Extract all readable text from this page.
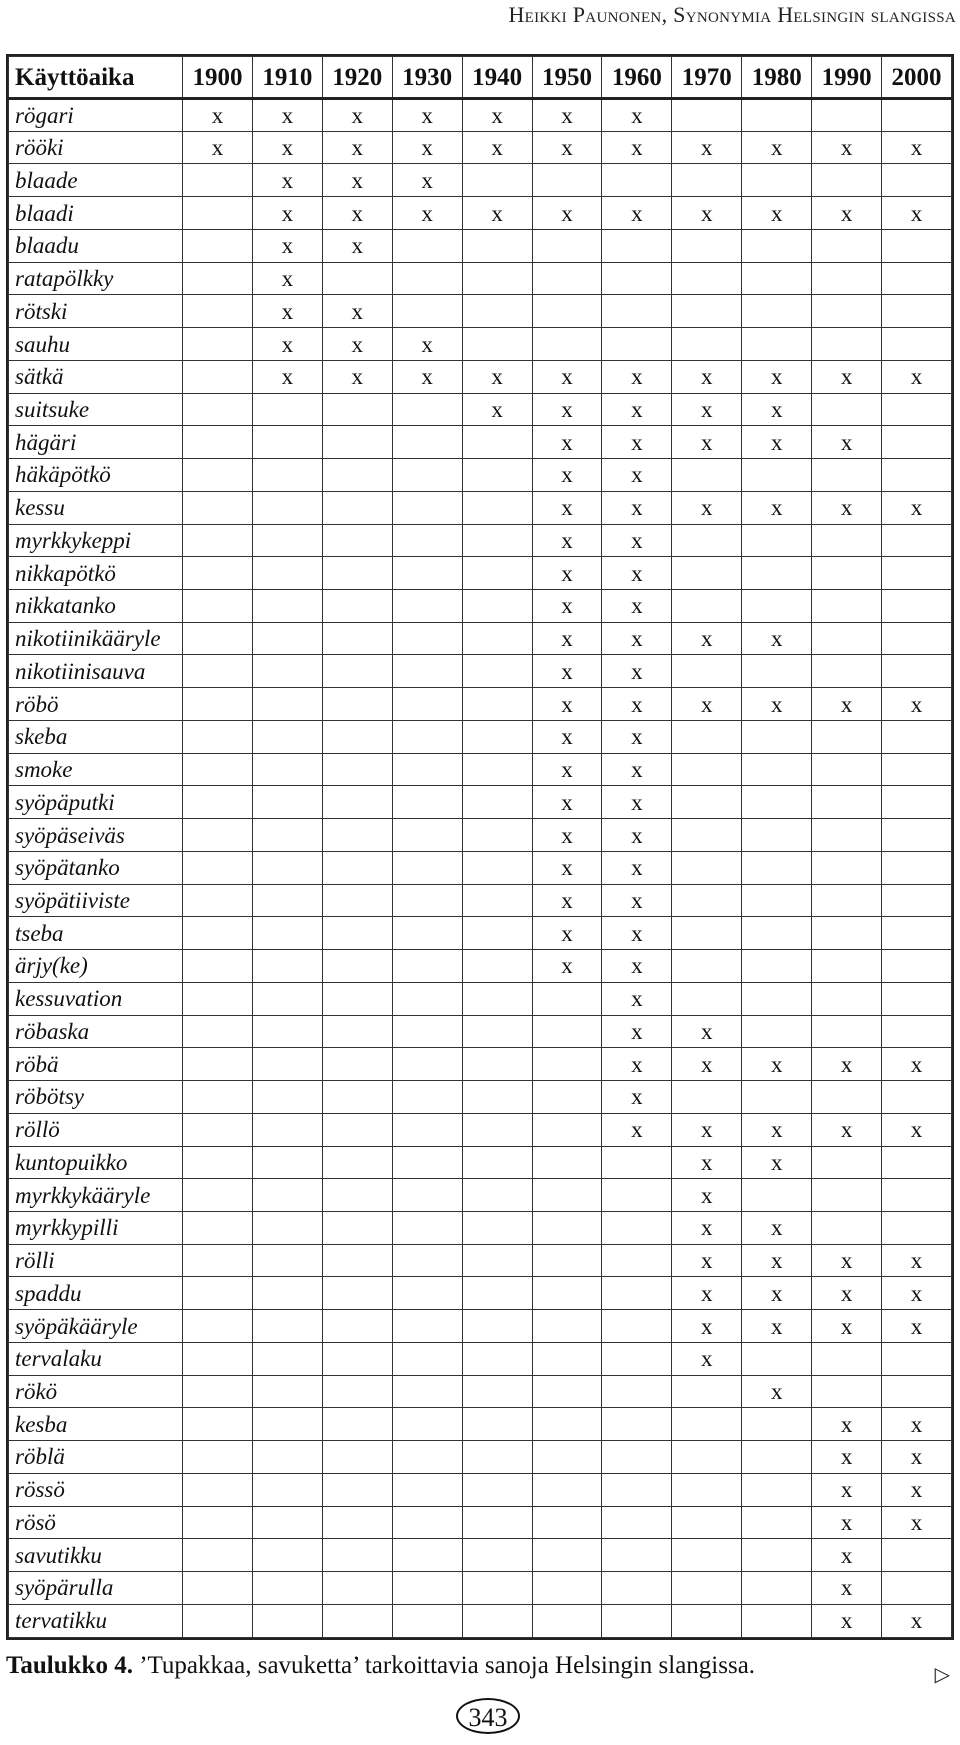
Heikki Paunonen, Synonymia Helsingin slangissa
Käyttöaika	1900	1910	1920	1930	1940	1950	1960	1970	1980	1990	2000
rögari	x	x	x	x	x	x	x				
rööki	x	x	x	x	x	x	x	x	x	x	x
blaade		x	x	x							
blaadi		x	x	x	x	x	x	x	x	x	x
blaadu		x	x								
ratapölkky		x									
rötski		x	x								
sauhu		x	x	x							
sätkä		x	x	x	x	x	x	x	x	x	x
suitsuke					x	x	x	x	x		
hägäri						x	x	x	x	x	
häkäpötkö						x	x				
kessu						x	x	x	x	x	x
myrkkykeppi						x	x				
nikkapötkö						x	x				
nikkatanko						x	x				
nikotiinikääryle						x	x	x	x		
nikotiinisauva						x	x				
röbö						x	x	x	x	x	x
skeba						x	x				
smoke						x	x				
syöpäputki						x	x				
syöpäseiväs						x	x				
syöpätanko						x	x				
syöpätiiviste						x	x				
tseba						x	x				
ärjy(ke)						x	x				
kessuvation							x				
röbaska							x	x			
röbä							x	x	x	x	x
röbötsy							x				
röllö							x	x	x	x	x
kuntopuikko								x	x		
myrkkykääryle								x			
myrkkypilli								x	x		
rölli								x	x	x	x
spaddu								x	x	x	x
syöpäkääryle								x	x	x	x
tervalaku								x			
rökö									x		
kesba										x	x
röblä										x	x
rössö										x	x
rösö										x	x
savutikku										x	
syöpärulla										x	
tervatikku										x	x
Taulukko 4. ’Tupakkaa, savuketta’ tarkoittavia sanoja Helsingin slangissa.	▷
343
